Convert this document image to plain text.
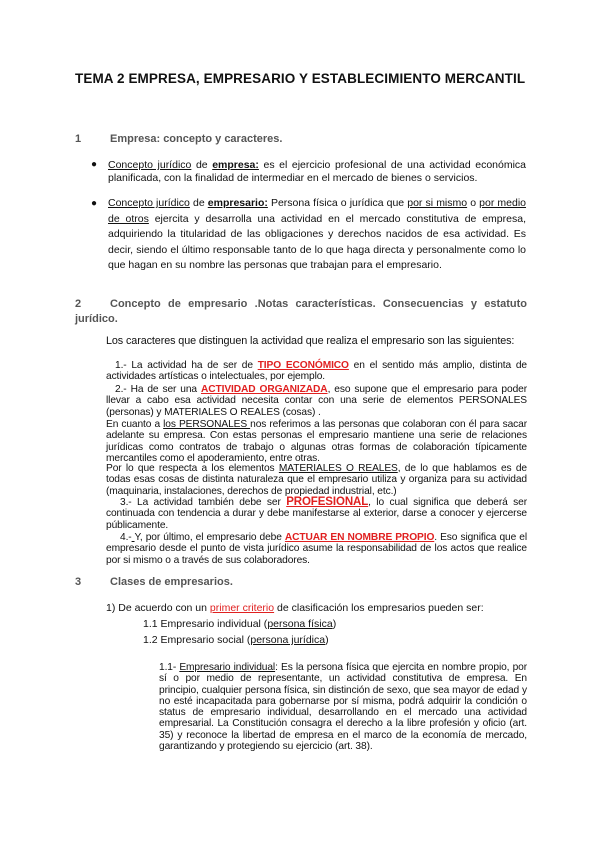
TEMA 2 EMPRESA, EMPRESARIO Y ESTABLECIMIENTO MERCANTIL
1	Empresa: concepto y caracteres.
● Concepto jurídico de empresa: es el ejercicio profesional de una actividad económica planificada, con la finalidad de intermediar en el mercado de bienes o servicios.
● Concepto jurídico de empresario: Persona física o jurídica que por si mismo o por medio de otros ejercita y desarrolla una actividad en el mercado constitutiva de empresa, adquiriendo la titularidad de las obligaciones y derechos nacidos de esa actividad. Es decir, siendo el último responsable tanto de lo que haga directa y personalmente como lo que hagan en su nombre las personas que trabajan para el empresario.
2	Concepto de empresario .Notas características. Consecuencias y estatuto jurídico.
Los caracteres que distinguen la actividad que realiza el empresario son las siguientes:
1.- La actividad ha de ser de TIPO ECONÓMICO en el sentido más amplio, distinta de actividades artísticas o intelectuales, por ejemplo.
2.- Ha de ser una ACTIVIDAD ORGANIZADA, eso supone que el empresario para poder llevar a cabo esa actividad necesita contar con una serie de elementos PERSONALES (personas) y MATERIALES O REALES (cosas) .
En cuanto a los PERSONALES nos referimos a las personas que colaboran con él para sacar adelante su empresa. Con estas personas el empresario mantiene una serie de relaciones jurídicas como contratos de trabajo o algunas otras formas de colaboración típicamente mercantiles como el apoderamiento, entre otras.
Por lo que respecta a los elementos MATERIALES O REALES, de lo que hablamos es de todas esas cosas de distinta naturaleza que el empresario utiliza y organiza para su actividad (maquinaria, instalaciones, derechos de propiedad industrial, etc.)
3.- La actividad también debe ser PROFESIONAL, lo cual significa que deberá ser continuada con tendencia a durar y debe manifestarse al exterior, darse a conocer y ejercerse públicamente.
4.- Y, por último, el empresario debe ACTUAR EN NOMBRE PROPIO. Eso significa que el empresario desde el punto de vista jurídico asume la responsabilidad de los actos que realice por si mismo o a través de sus colaboradores.
3	Clases de empresarios.
1) De acuerdo con un primer criterio de clasificación los empresarios pueden ser:
1.1 Empresario individual (persona física)
1.2 Empresario social (persona jurídica)
1.1- Empresario individual: Es la persona física que ejercita en nombre propio, por sí o por medio de representante, un actividad constitutiva de empresa. En principio, cualquier persona física, sin distinción de sexo, que sea mayor de edad y no esté incapacitada para gobernarse por sí misma, podrá adquirir la condición o status de empresario individual, desarrollando en el mercado una actividad empresarial. La Constitución consagra el derecho a la libre profesión y oficio (art. 35) y reconoce la libertad de empresa en el marco de la economía de mercado, garantizando y protegiendo su ejercicio (art. 38).
